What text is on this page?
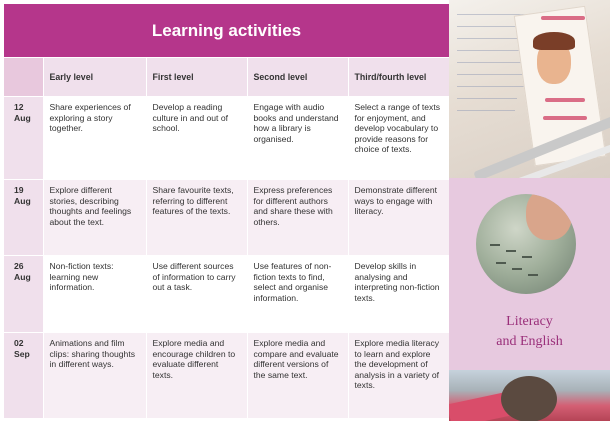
Learning activities
	Early level	First level	Second level	Third/fourth level

12
Aug	Share experiences of exploring a story together.	Develop a reading culture in and out of school.	Engage with audio books and understand how a library is organised.	Select a range of texts for enjoyment, and develop vocabulary to provide reasons for choice of texts.

19
Aug	Explore different stories, describing thoughts and feelings about the text.	Share favourite texts, referring to different features of the texts.	Express preferences for different authors and share these with others.	Demonstrate different ways to engage with literacy.

26
Aug	Non-fiction texts: learning new information.	Use different sources of information to carry out a task.	Use features of non-fiction texts to find, select and organise information.	Develop skills in analysing and interpreting non-fiction texts.

02
Sep	Animations and film clips: sharing thoughts in different ways.	Explore media and encourage children to evaluate different texts.	Explore media and compare and evaluate different versions of the same text.	Explore media literacy to learn and explore the development of analysis in a variety of texts.
Literacy
and English
